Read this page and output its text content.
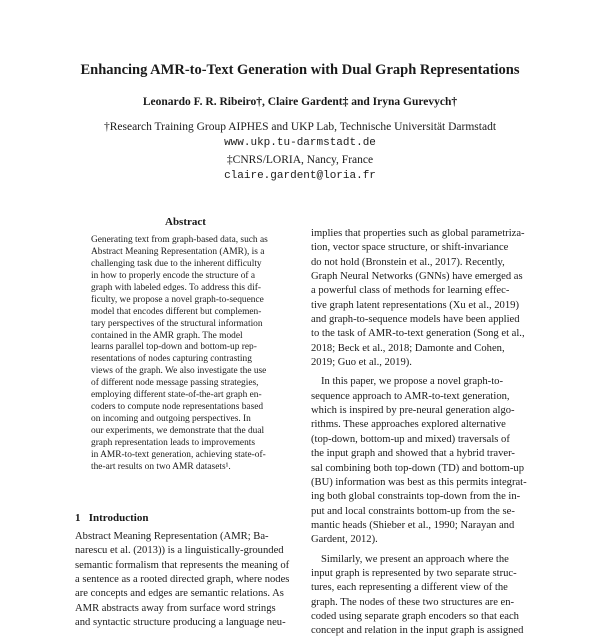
Enhancing AMR-to-Text Generation with Dual Graph Representations
Leonardo F. R. Ribeiro†, Claire Gardent‡ and Iryna Gurevych†
†Research Training Group AIPHES and UKP Lab, Technische Universität Darmstadt
www.ukp.tu-darmstadt.de
‡CNRS/LORIA, Nancy, France
claire.gardent@loria.fr
Abstract
Generating text from graph-based data, such as
Abstract Meaning Representation (AMR), is a
challenging task due to the inherent difficulty
in how to properly encode the structure of a
graph with labeled edges. To address this dif-
ficulty, we propose a novel graph-to-sequence
model that encodes different but complemen-
tary perspectives of the structural information
contained in the AMR graph. The model
learns parallel top-down and bottom-up rep-
resentations of nodes capturing contrasting
views of the graph. We also investigate the use
of different node message passing strategies,
employing different state-of-the-art graph en-
coders to compute node representations based
on incoming and outgoing perspectives. In
our experiments, we demonstrate that the dual
graph representation leads to improvements
in AMR-to-text generation, achieving state-of-
the-art results on two AMR datasets¹.
1   Introduction
Abstract Meaning Representation (AMR; Ba-
narescu et al. (2013)) is a linguistically-grounded
semantic formalism that represents the meaning of
a sentence as a rooted directed graph, where nodes
are concepts and edges are semantic relations. As
AMR abstracts away from surface word strings
and syntactic structure producing a language neu-
implies that properties such as global parametriza-
tion, vector space structure, or shift-invariance
do not hold (Bronstein et al., 2017). Recently,
Graph Neural Networks (GNNs) have emerged as
a powerful class of methods for learning effec-
tive graph latent representations (Xu et al., 2019)
and graph-to-sequence models have been applied
to the task of AMR-to-text generation (Song et al.,
2018; Beck et al., 2018; Damonte and Cohen,
2019; Guo et al., 2019).
In this paper, we propose a novel graph-to-
sequence approach to AMR-to-text generation,
which is inspired by pre-neural generation algo-
rithms. These approaches explored alternative
(top-down, bottom-up and mixed) traversals of
the input graph and showed that a hybrid traver-
sal combining both top-down (TD) and bottom-up
(BU) information was best as this permits integrat-
ing both global constraints top-down from the in-
put and local constraints bottom-up from the se-
mantic heads (Shieber et al., 1990; Narayan and
Gardent, 2012).
Similarly, we present an approach where the
input graph is represented by two separate struc-
tures, each representing a different view of the
graph. The nodes of these two structures are en-
coded using separate graph encoders so that each
concept and relation in the input graph is assigned
